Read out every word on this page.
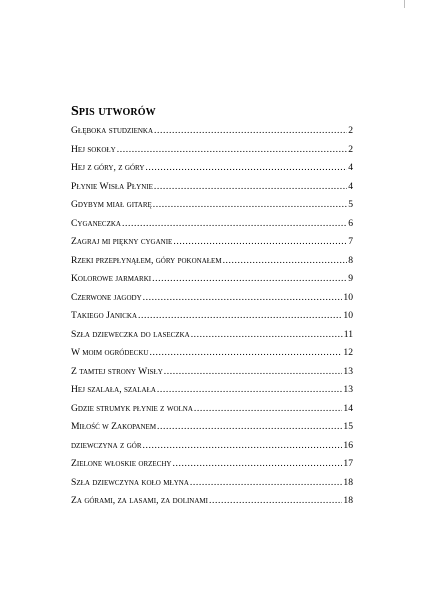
Spis utworów
Głęboka studzienka .....	2
Hej sokoły .....	2
Hej z góry, z góry .....	4
Płynie Wisła Płynie .....	4
Gdybym miał gitarę .....	5
Cyganeczka .....	6
Zagraj mi piękny cyganie .....	7
Rzeki przepłynąłem, góry pokonałem .....	8
Kolorowe jarmarki .....	9
Czerwone jagody .....	10
Takiego Janicka .....	10
Szła dzieweczka do laseczka .....	11
W moim ogródecku .....	12
Z tamtej strony Wisły .....	13
Hej szalała, szalała .....	13
Gdzie strumyk płynie z wolna .....	14
Miłość w Zakopanem .....	15
dziewczyna z gór .....	16
Zielone włoskie orzechy .....	17
Szła dziewczyna koło młyna .....	18
Za górami, za lasami, za dolinami .....	18
